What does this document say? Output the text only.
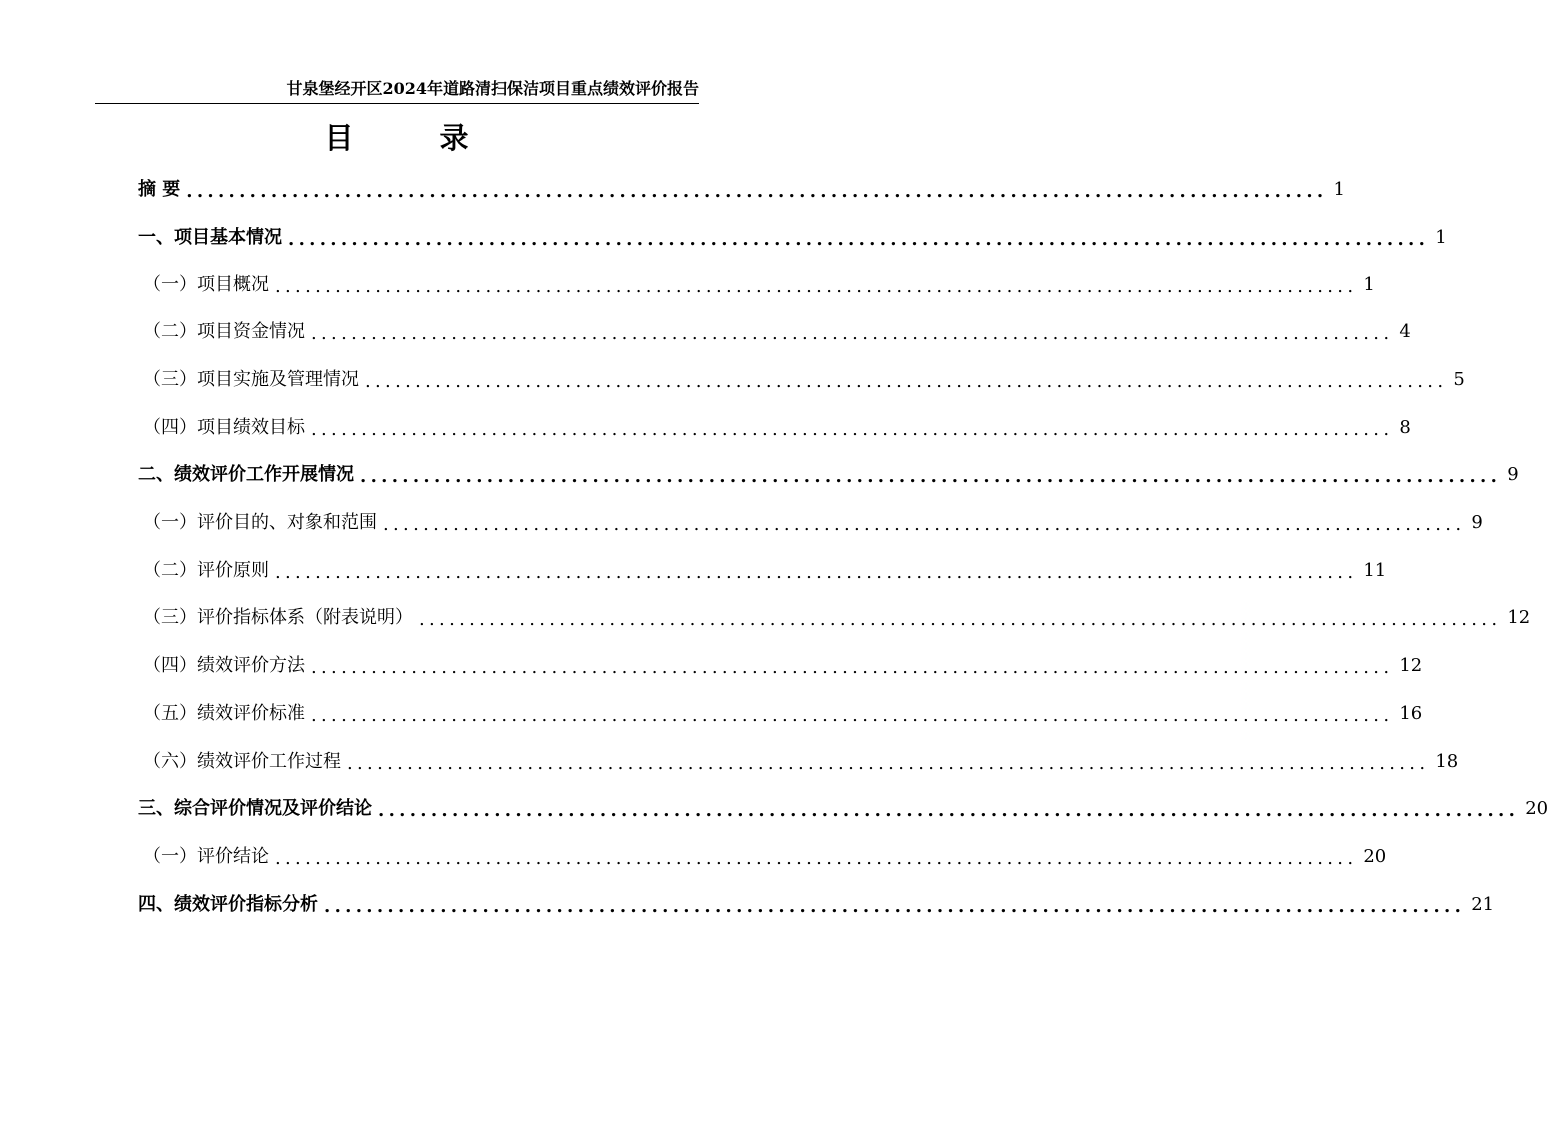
甘泉堡经开区2024年道路清扫保洁项目重点绩效评价报告
目 录
摘 要 ............................................................................................................ 1
一、项目基本情况 ............................................................................................................ 1
（一）项目概况 ............................................................................................................ 1
（二）项目资金情况 ............................................................................................................ 4
（三）项目实施及管理情况 ............................................................................................................ 5
（四）项目绩效目标 ............................................................................................................ 8
二、绩效评价工作开展情况 ............................................................................................................ 9
（一）评价目的、对象和范围 ............................................................................................................ 9
（二）评价原则 ............................................................................................................ 11
（三）评价指标体系（附表说明） ............................................................................................................ 12
（四）绩效评价方法 ............................................................................................................ 12
（五）绩效评价标准 ............................................................................................................ 16
（六）绩效评价工作过程 ............................................................................................................ 18
三、综合评价情况及评价结论 ............................................................................................................ 20
（一）评价结论 ............................................................................................................ 20
四、绩效评价指标分析 ............................................................................................................ 21
